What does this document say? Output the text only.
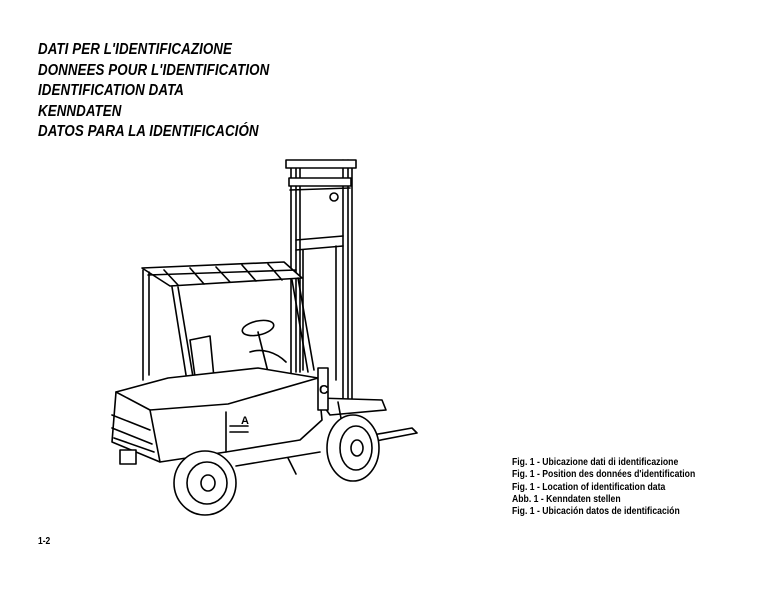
DATI PER L'IDENTIFICAZIONE
DONNEES POUR L'IDENTIFICATION
IDENTIFICATION DATA
KENNDATEN
DATOS PARA LA IDENTIFICACIÓN
A
C
Fig. 1 - Ubicazione dati di identificazione
Fig. 1 - Position des données d'identification
Fig. 1 - Location of identification data
Abb. 1 - Kenndaten stellen
Fig. 1 - Ubicación datos de identificación
1-2
